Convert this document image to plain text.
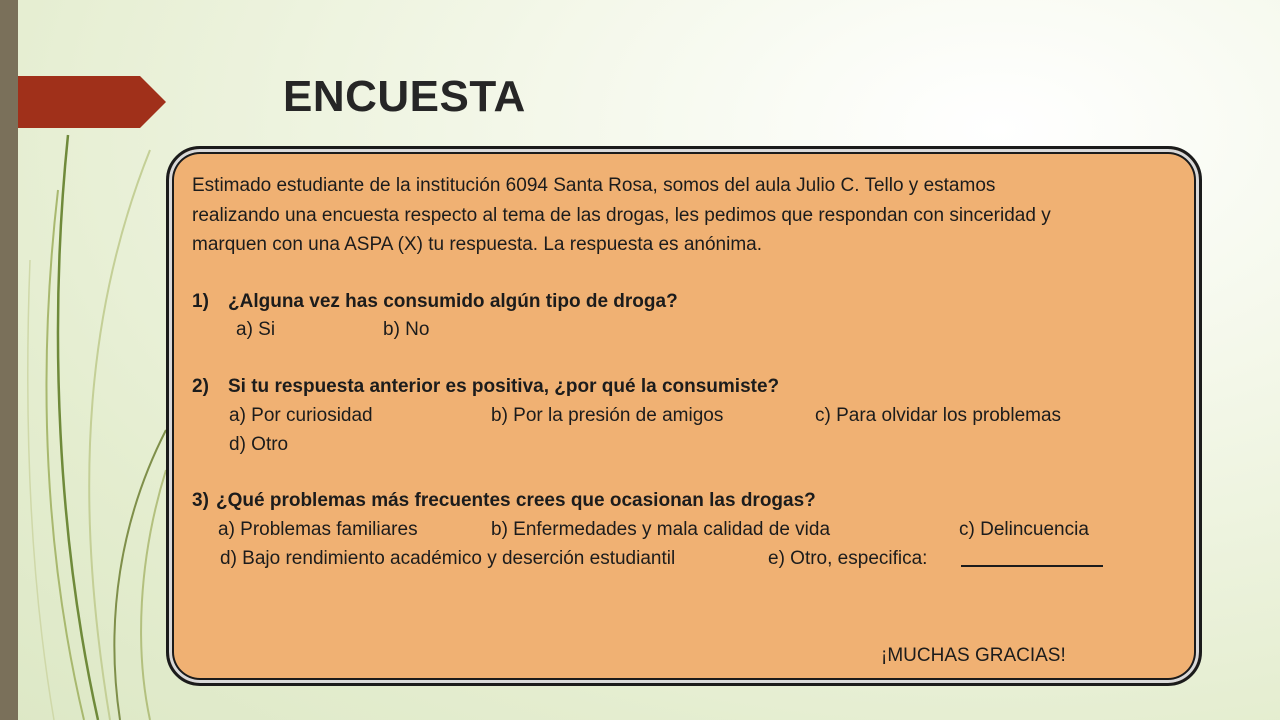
ENCUESTA
Estimado estudiante de la institución 6094 Santa Rosa, somos del aula Julio C. Tello y estamos
realizando una encuesta respecto al tema de las drogas, les pedimos que respondan con sinceridad y
marquen con una ASPA (X) tu respuesta. La respuesta es anónima.
1) ¿Alguna vez has consumido algún tipo de droga?
a) Si	b) No
2) Si tu respuesta anterior es positiva, ¿por qué la consumiste?
a) Por curiosidad	b) Por la presión de amigos	c) Para olvidar los problemas
d) Otro
3) ¿Qué problemas más frecuentes crees que ocasionan las drogas?
a) Problemas familiares	b) Enfermedades y mala calidad de vida	c) Delincuencia
d) Bajo rendimiento académico y deserción estudiantil	e) Otro, especifica:
¡MUCHAS GRACIAS!
